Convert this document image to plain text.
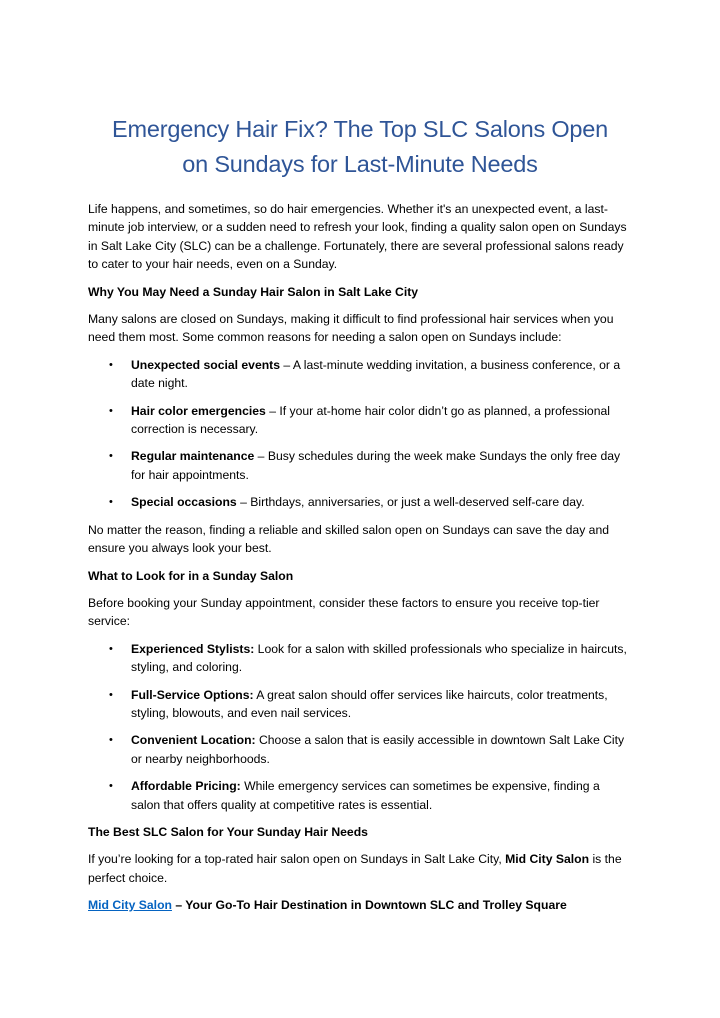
Emergency Hair Fix? The Top SLC Salons Open
on Sundays for Last-Minute Needs

Life happens, and sometimes, so do hair emergencies. Whether it's an unexpected event, a last-minute job interview, or a sudden need to refresh your look, finding a quality salon open on Sundays in Salt Lake City (SLC) can be a challenge. Fortunately, there are several professional salons ready to cater to your hair needs, even on a Sunday.

Why You May Need a Sunday Hair Salon in Salt Lake City

Many salons are closed on Sundays, making it difficult to find professional hair services when you need them most. Some common reasons for needing a salon open on Sundays include:

• Unexpected social events – A last-minute wedding invitation, a business conference, or a date night.
• Hair color emergencies – If your at-home hair color didn’t go as planned, a professional correction is necessary.
• Regular maintenance – Busy schedules during the week make Sundays the only free day for hair appointments.
• Special occasions – Birthdays, anniversaries, or just a well-deserved self-care day.

No matter the reason, finding a reliable and skilled salon open on Sundays can save the day and ensure you always look your best.

What to Look for in a Sunday Salon

Before booking your Sunday appointment, consider these factors to ensure you receive top-tier service:

• Experienced Stylists: Look for a salon with skilled professionals who specialize in haircuts, styling, and coloring.
• Full-Service Options: A great salon should offer services like haircuts, color treatments, styling, blowouts, and even nail services.
• Convenient Location: Choose a salon that is easily accessible in downtown Salt Lake City or nearby neighborhoods.
• Affordable Pricing: While emergency services can sometimes be expensive, finding a salon that offers quality at competitive rates is essential.

The Best SLC Salon for Your Sunday Hair Needs

If you’re looking for a top-rated hair salon open on Sundays in Salt Lake City, Mid City Salon is the perfect choice.

Mid City Salon – Your Go-To Hair Destination in Downtown SLC and Trolley Square
